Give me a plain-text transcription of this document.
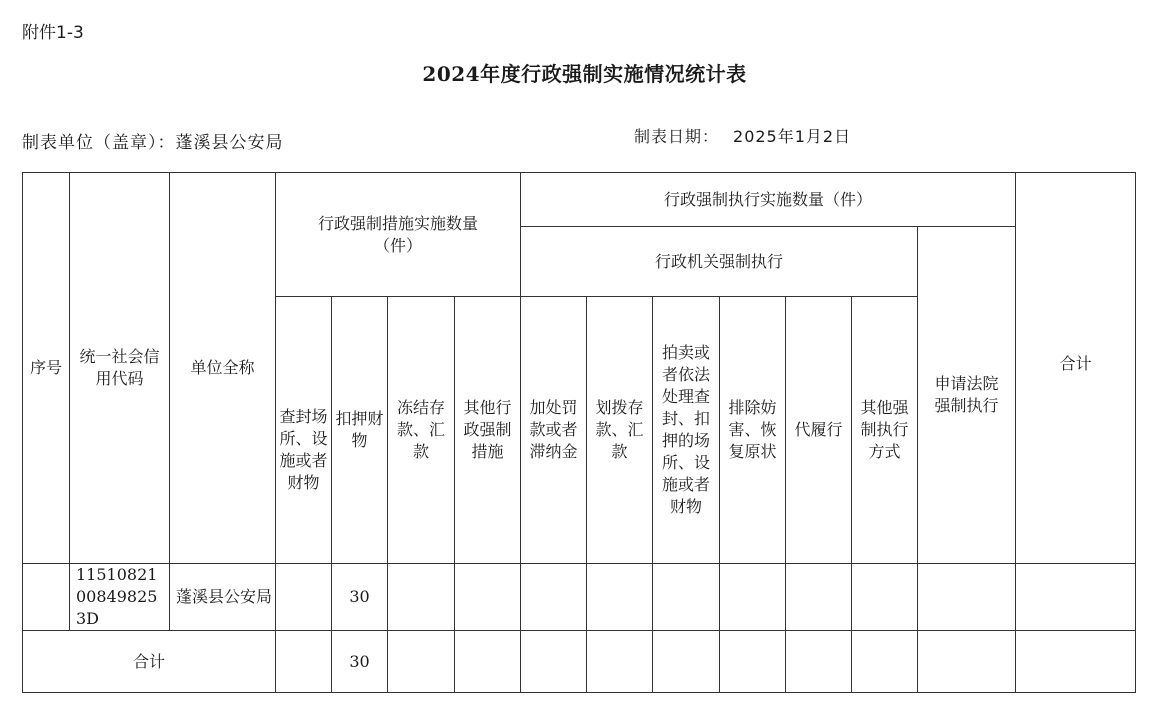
附件1-3
2024年度行政强制实施情况统计表
制表单位（盖章）：蓬溪县公安局	制表日期： 2025年1月2日
序号	统一社会信用代码	单位全称	行政强制措施实施数量（件）				行政强制执行实施数量（件）							合计
							行政机关强制执行						申请法院强制执行	
			查封场所、设施或者财物	扣押财物	冻结存款、汇款	其他行政强制措施	加处罚款或者滞纳金	划拨存款、汇款	拍卖或者依法处理查封、扣押的场所、设施或者财物	排除妨害、恢复原状	代履行	其他强制执行方式		
	11510821008498253D	蓬溪县公安局		30										
合计				30										
